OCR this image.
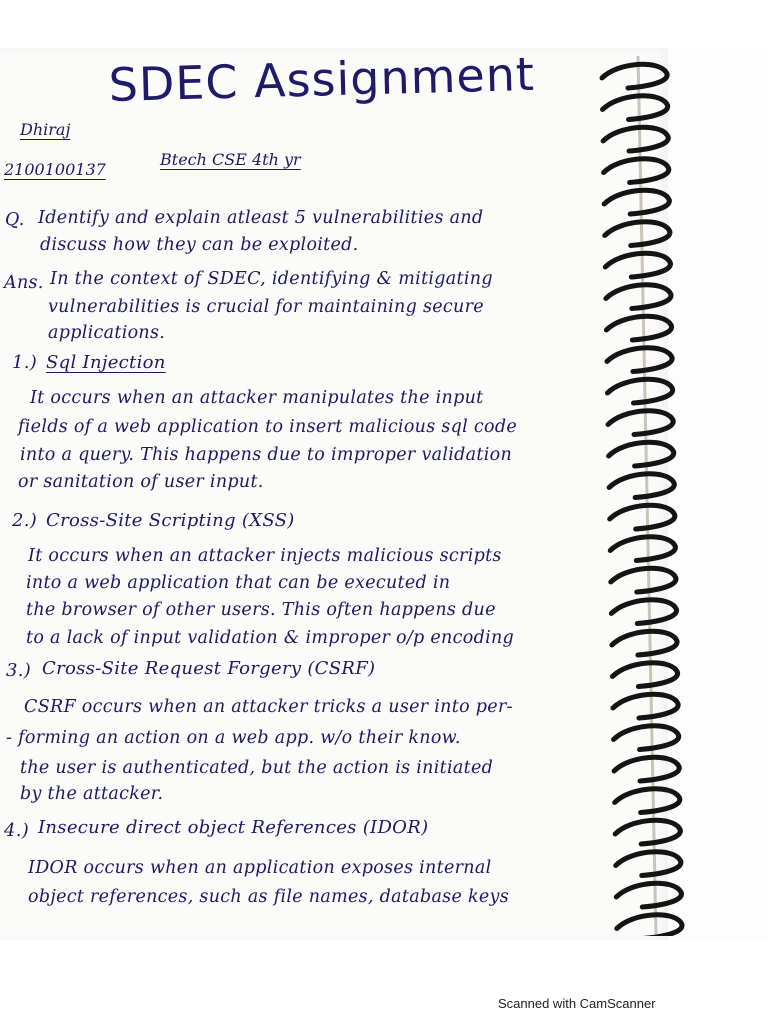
SDEC Assignment
Dhiraj
2100100137
Btech CSE 4th yr
Q. Identify and explain atleast 5 vulnerabilities and
discuss how they can be exploited.
Ans. In the context of SDEC, identifying & mitigating
vulnerabilities is crucial for maintaining secure
applications.
1.) Sql Injection
It occurs when an attacker manipulates the input
fields of a web application to insert malicious sql code
into a query. This happens due to improper validation
or sanitation of user input.
2.) Cross-Site Scripting (XSS)
It occurs when an attacker injects malicious scripts
into a web application that can be executed in
the browser of other users. This often happens due
to a lack of input validation & improper o/p encoding
3.) Cross-Site Request Forgery (CSRF)
CSRF occurs when an attacker tricks a user into per-
- forming an action on a web app. w/o their know.
the user is authenticated, but the action is initiated
by the attacker.
4.) Insecure direct object References (IDOR)
IDOR occurs when an application exposes internal
object references, such as file names, database keys
Scanned with CamScanner
